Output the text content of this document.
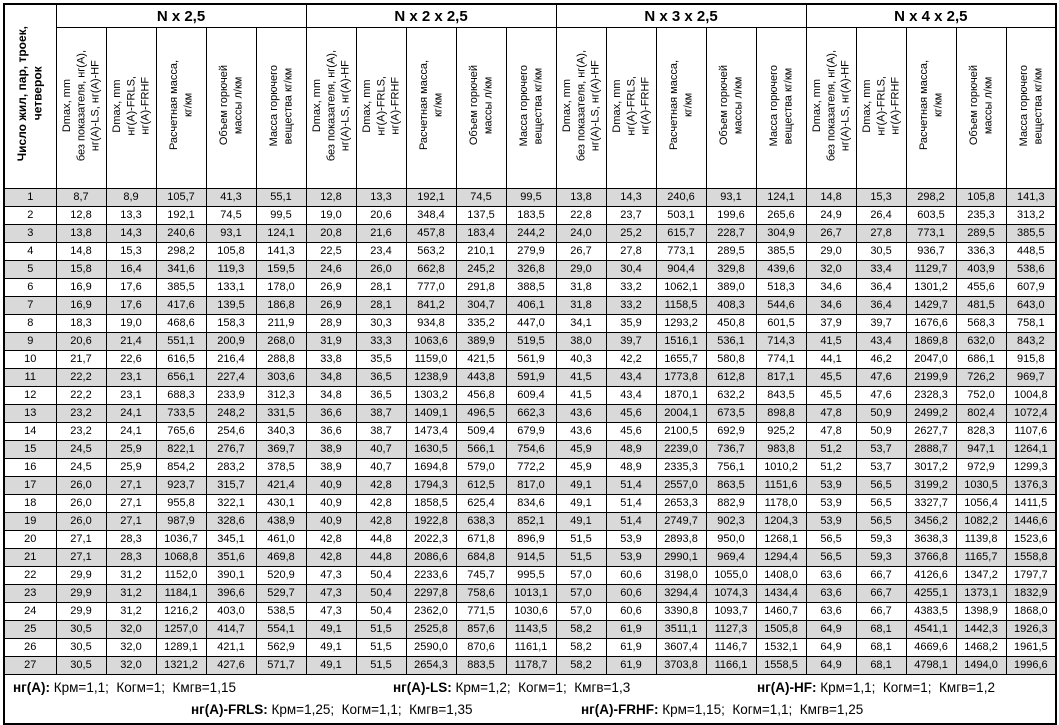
Число жил, пар, троек, четверок	N x 2,5					N x 2 x 2,5					N x 3 x 2,5					N x 4 x 2,5				
	Dmax, mm без показателя, нг(А), нг(А)-LS, нг(А)-HF	Dmax, mm нг(А)-FRLS, нг(А)-FRHF	Расчетная масса, кг/км	Объем горючей массы л/км	Масса горючего вещества кг/км	Dmax, mm без показателя, нг(А), нг(А)-LS, нг(А)-HF	Dmax, mm нг(А)-FRLS, нг(А)-FRHF	Расчетная масса, кг/км	Объем горючей массы л/км	Масса горючего вещества кг/км	Dmax, mm без показателя, нг(А), нг(А)-LS, нг(А)-HF	Dmax, mm нг(А)-FRLS, нг(А)-FRHF	Расчетная масса, кг/км	Объем горючей массы л/км	Масса горючего вещества кг/км	Dmax, mm без показателя, нг(А), нг(А)-LS, нг(А)-HF	Dmax, mm нг(А)-FRLS, нг(А)-FRHF	Расчетная масса, кг/км	Объем горючей массы л/км	Масса горючего вещества кг/км
1	8,7	8,9	105,7	41,3	55,1	12,8	13,3	192,1	74,5	99,5	13,8	14,3	240,6	93,1	124,1	14,8	15,3	298,2	105,8	141,3
2	12,8	13,3	192,1	74,5	99,5	19,0	20,6	348,4	137,5	183,5	22,8	23,7	503,1	199,6	265,6	24,9	26,4	603,5	235,3	313,2
3	13,8	14,3	240,6	93,1	124,1	20,8	21,6	457,8	183,4	244,2	24,0	25,2	615,7	228,7	304,9	26,7	27,8	773,1	289,5	385,5
4	14,8	15,3	298,2	105,8	141,3	22,5	23,4	563,2	210,1	279,9	26,7	27,8	773,1	289,5	385,5	29,0	30,5	936,7	336,3	448,5
5	15,8	16,4	341,6	119,3	159,5	24,6	26,0	662,8	245,2	326,8	29,0	30,4	904,4	329,8	439,6	32,0	33,4	1129,7	403,9	538,6
6	16,9	17,6	385,5	133,1	178,0	26,9	28,1	777,0	291,8	388,5	31,8	33,2	1062,1	389,0	518,3	34,6	36,4	1301,2	455,6	607,9
7	16,9	17,6	417,6	139,5	186,8	26,9	28,1	841,2	304,7	406,1	31,8	33,2	1158,5	408,3	544,6	34,6	36,4	1429,7	481,5	643,0
8	18,3	19,0	468,6	158,3	211,9	28,9	30,3	934,8	335,2	447,0	34,1	35,9	1293,2	450,8	601,5	37,9	39,7	1676,6	568,3	758,1
9	20,6	21,4	551,1	200,9	268,0	31,9	33,3	1063,6	389,9	519,5	38,0	39,7	1516,1	536,1	714,3	41,5	43,4	1869,8	632,0	843,2
10	21,7	22,6	616,5	216,4	288,8	33,8	35,5	1159,0	421,5	561,9	40,3	42,2	1655,7	580,8	774,1	44,1	46,2	2047,0	686,1	915,8
11	22,2	23,1	656,1	227,4	303,6	34,8	36,5	1238,9	443,8	591,9	41,5	43,4	1773,8	612,8	817,1	45,5	47,6	2199,9	726,2	969,7
12	22,2	23,1	688,3	233,9	312,3	34,8	36,5	1303,2	456,8	609,4	41,5	43,4	1870,1	632,2	843,5	45,5	47,6	2328,3	752,0	1004,8
13	23,2	24,1	733,5	248,2	331,5	36,6	38,7	1409,1	496,5	662,3	43,6	45,6	2004,1	673,5	898,8	47,8	50,9	2499,2	802,4	1072,4
14	23,2	24,1	765,6	254,6	340,3	36,6	38,7	1473,4	509,4	679,9	43,6	45,6	2100,5	692,9	925,2	47,8	50,9	2627,7	828,3	1107,6
15	24,5	25,9	822,1	276,7	369,7	38,9	40,7	1630,5	566,1	754,6	45,9	48,9	2239,0	736,7	983,8	51,2	53,7	2888,7	947,1	1264,1
16	24,5	25,9	854,2	283,2	378,5	38,9	40,7	1694,8	579,0	772,2	45,9	48,9	2335,3	756,1	1010,2	51,2	53,7	3017,2	972,9	1299,3
17	26,0	27,1	923,7	315,7	421,4	40,9	42,8	1794,3	612,5	817,0	49,1	51,4	2557,0	863,5	1151,6	53,9	56,5	3199,2	1030,5	1376,3
18	26,0	27,1	955,8	322,1	430,1	40,9	42,8	1858,5	625,4	834,6	49,1	51,4	2653,3	882,9	1178,0	53,9	56,5	3327,7	1056,4	1411,5
19	26,0	27,1	987,9	328,6	438,9	40,9	42,8	1922,8	638,3	852,1	49,1	51,4	2749,7	902,3	1204,3	53,9	56,5	3456,2	1082,2	1446,6
20	27,1	28,3	1036,7	345,1	461,0	42,8	44,8	2022,3	671,8	896,9	51,5	53,9	2893,8	950,0	1268,1	56,5	59,3	3638,3	1139,8	1523,6
21	27,1	28,3	1068,8	351,6	469,8	42,8	44,8	2086,6	684,8	914,5	51,5	53,9	2990,1	969,4	1294,4	56,5	59,3	3766,8	1165,7	1558,8
22	29,9	31,2	1152,0	390,1	520,9	47,3	50,4	2233,6	745,7	995,5	57,0	60,6	3198,0	1055,0	1408,0	63,6	66,7	4126,6	1347,2	1797,7
23	29,9	31,2	1184,1	396,6	529,7	47,3	50,4	2297,8	758,6	1013,1	57,0	60,6	3294,4	1074,3	1434,4	63,6	66,7	4255,1	1373,1	1832,9
24	29,9	31,2	1216,2	403,0	538,5	47,3	50,4	2362,0	771,5	1030,6	57,0	60,6	3390,8	1093,7	1460,7	63,6	66,7	4383,5	1398,9	1868,0
25	30,5	32,0	1257,0	414,7	554,1	49,1	51,5	2525,8	857,6	1143,5	58,2	61,9	3511,1	1127,3	1505,8	64,9	68,1	4541,1	1442,3	1926,3
26	30,5	32,0	1289,1	421,1	562,9	49,1	51,5	2590,0	870,6	1161,1	58,2	61,9	3607,4	1146,7	1532,1	64,9	68,1	4669,6	1468,2	1961,5
27	30,5	32,0	1321,2	427,6	571,7	49,1	51,5	2654,3	883,5	1178,7	58,2	61,9	3703,8	1166,1	1558,5	64,9	68,1	4798,1	1494,0	1996,6

нг(А): Крм=1,1;  Когм=1;  Кмгв=1,15 нг(А)-LS: Крм=1,2;  Когм=1;  Кмгв=1,3 нг(А)-HF: Крм=1,1;  Когм=1;  Кмгв=1,2
нг(А)-FRLS: Крм=1,25;  Когм=1,1;  Кмгв=1,35 нг(А)-FRHF: Крм=1,15;  Когм=1,1;  Кмгв=1,25																				
